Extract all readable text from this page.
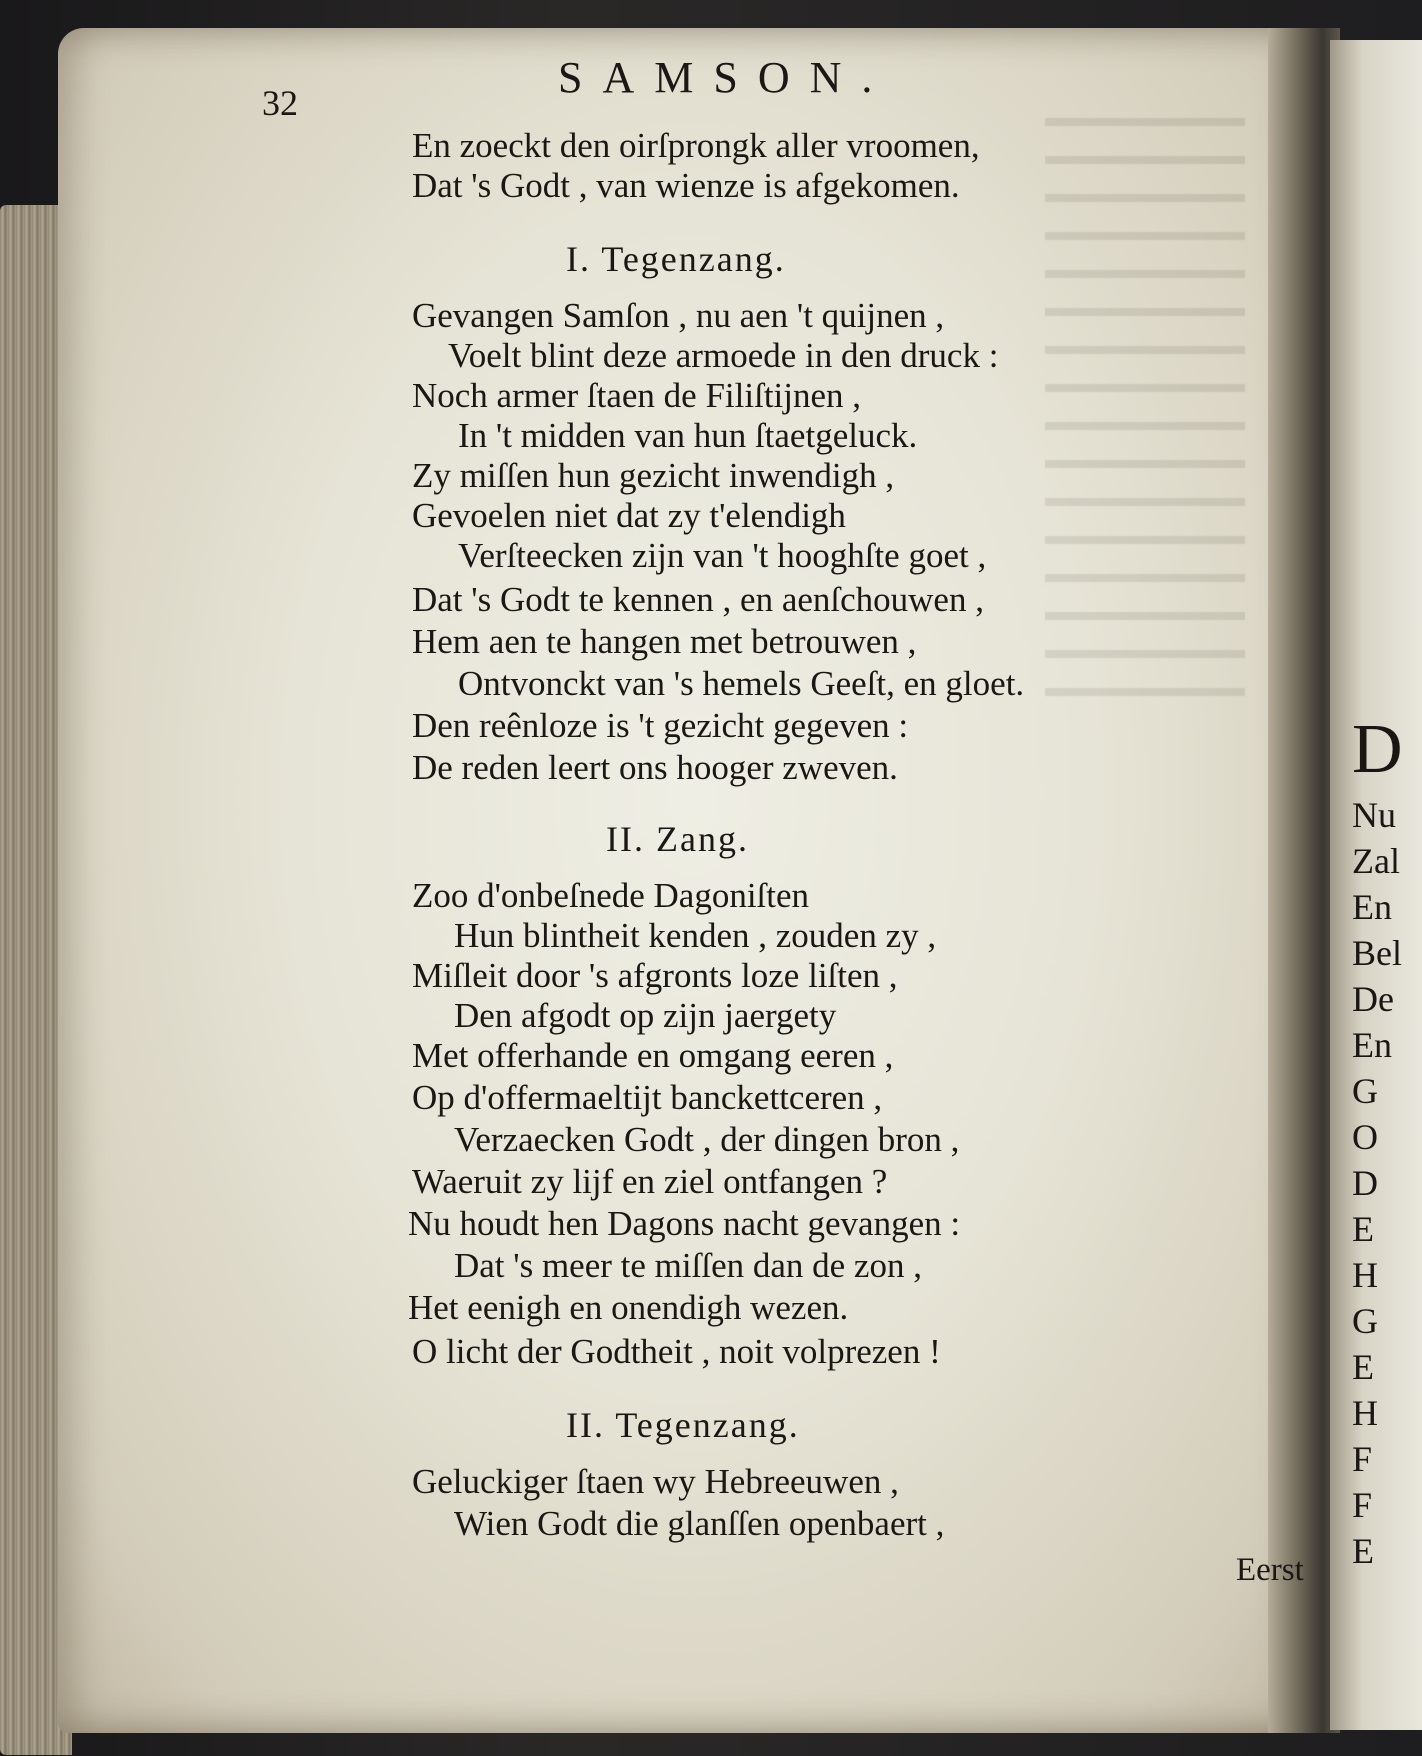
D
Nu
Zal
En
Bel
De
En
G
O
D
E
H
G
E
H
F
F
E
32
SAMSON.
En zoeckt den oirſprongk aller vroomen,
Dat 's Godt , van wienze is afgekomen.
I. Tegenzang.
Gevangen Samſon , nu aen 't quijnen ,
Voelt blint deze armoede in den druck :
Noch armer ſtaen de Filiſtijnen ,
In 't midden van hun ſtaetgeluck.
Zy miſſen hun gezicht inwendigh ,
Gevoelen niet dat zy t'elendigh
Verſteecken zijn van 't hooghſte goet ,
Dat 's Godt te kennen , en aenſchouwen ,
Hem aen te hangen met betrouwen ,
Ontvonckt van 's hemels Geeſt, en gloet.
Den reênloze is 't gezicht gegeven :
De reden leert ons hooger zweven.
II. Zang.
Zoo d'onbeſnede Dagoniſten
Hun blintheit kenden , zouden zy ,
Miſleit door 's afgronts loze liſten ,
Den afgodt op zijn jaergety
Met offerhande en omgang eeren ,
Op d'offermaeltijt banckettceren ,
Verzaecken Godt , der dingen bron ,
Waeruit zy lijf en ziel ontfangen ?
Nu houdt hen Dagons nacht gevangen :
Dat 's meer te miſſen dan de zon ,
Het eenigh en onendigh wezen.
O licht der Godtheit , noit volprezen !
II. Tegenzang.
Geluckiger ſtaen wy Hebreeuwen ,
Wien Godt die glanſſen openbaert ,
Eerst
